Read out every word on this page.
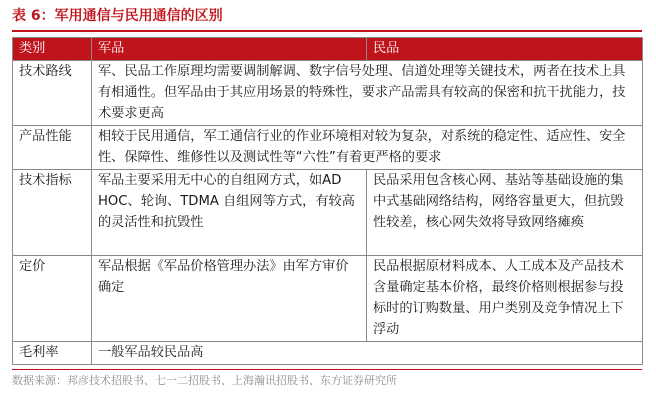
表 6：军用通信与民用通信的区别
类别	军品	民品
技术路线	军、民品工作原理均需要调制解调、数字信号处理、信道处理等关键技术，两者在技术上具有相通性。但军品由于其应用场景的特殊性，要求产品需具有较高的保密和抗干扰能力，技术要求更高	
产品性能	相较于民用通信，军工通信行业的作业环境相对较为复杂，对系统的稳定性、适应性、安全性、保障性、维修性以及测试性等“六性”有着更严格的要求	
技术指标	军品主要采用无中心的自组网方式，如AD HOC、轮询、TDMA 自组网等方式，有较高的灵活性和抗毁性	民品采用包含核心网、基站等基础设施的集中式基础网络结构，网络容量更大，但抗毁性较差，核心网失效将导致网络瘫痪
定价	军品根据《军品价格管理办法》由军方审价确定	民品根据原材料成本、人工成本及产品技术含量确定基本价格，最终价格则根据参与投标时的订购数量、用户类别及竞争情况上下浮动
毛利率	一般军品较民品高	
数据来源：邦彦技术招股书、七一二招股书、上海瀚讯招股书、东方证券研究所
